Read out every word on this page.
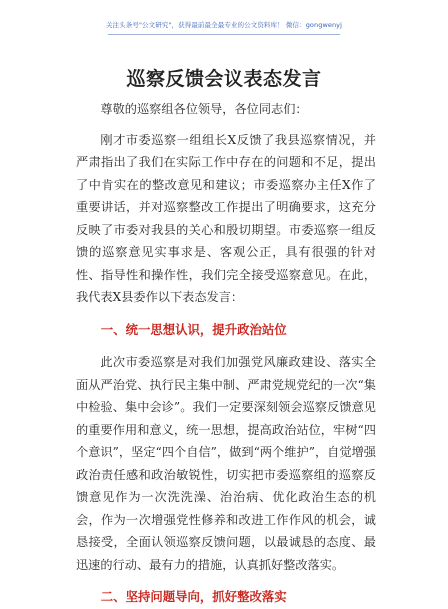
关注头条号"公文研究"，获得最前最全最专业的公文资料库！ 微信：gongwenyj
巡察反馈会议表态发言

尊敬的巡察组各位领导，各位同志们：

刚才市委巡察一组组长X反馈了我县巡察情况，并严肃指出了我们在实际工作中存在的问题和不足，提出了中肯实在的整改意见和建议；市委巡察办主任X作了重要讲话，并对巡察整改工作提出了明确要求，这充分反映了市委对我县的关心和殷切期望。市委巡察一组反馈的巡察意见实事求是、客观公正，具有很强的针对性、指导性和操作性，我们完全接受巡察意见。在此，我代表X县委作以下表态发言：

一、统一思想认识，提升政治站位

此次市委巡察是对我们加强党风廉政建设、落实全面从严治党、执行民主集中制、严肃党规党纪的一次“集中检验、集中会诊”。我们一定要深刻领会巡察反馈意见的重要作用和意义，统一思想，提高政治站位，牢树“四个意识”，坚定“四个自信”，做到“两个维护”，自觉增强政治责任感和政治敏锐性，切实把市委巡察组的巡察反馈意见作为一次洗洗澡、治治病、优化政治生态的机会，作为一次增强党性修养和改进工作作风的机会，诚恳接受，全面认领巡察反馈问题，以最诚恳的态度、最迅速的行动、最有力的措施，认真抓好整改落实。

二、坚持问题导向，抓好整改落实
